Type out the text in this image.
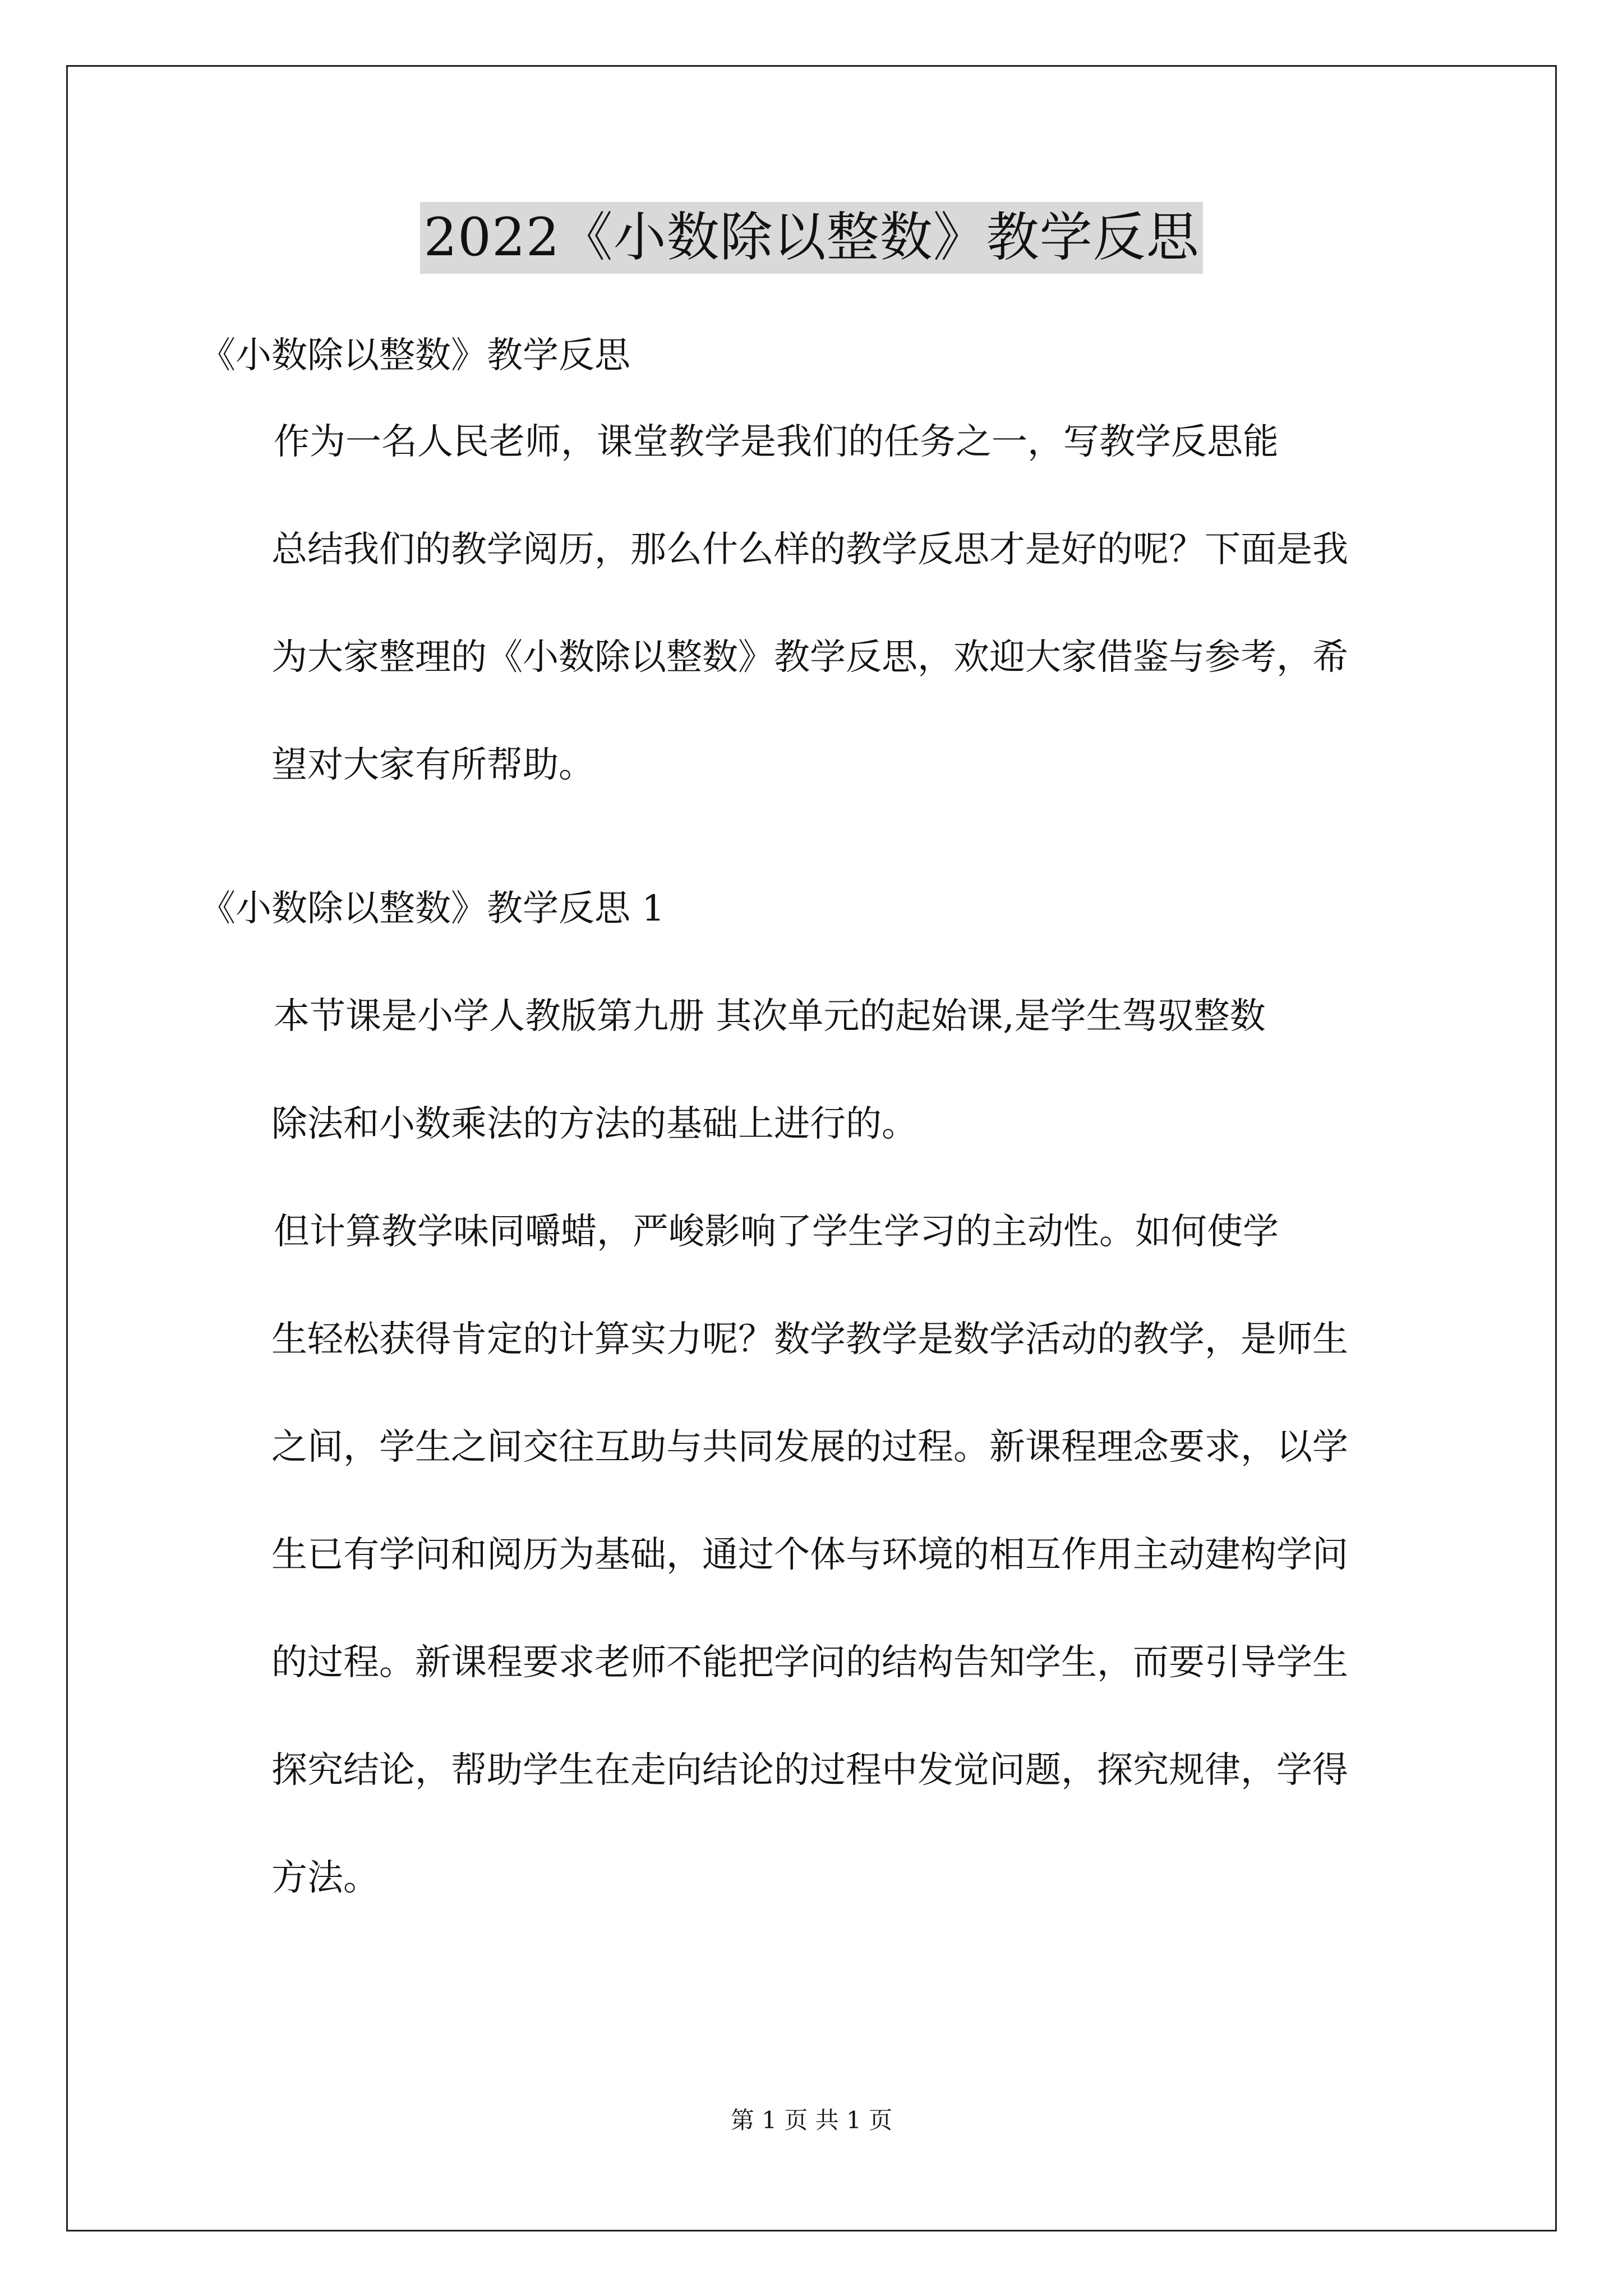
2022《小数除以整数》教学反思

《小数除以整数》教学反思

作为一名人民老师，课堂教学是我们的任务之一，写教学反思能
总结我们的教学阅历，那么什么样的教学反思才是好的呢？下面是我
为大家整理的《小数除以整数》教学反思，欢迎大家借鉴与参考，希
望对大家有所帮助。

《小数除以整数》教学反思 1

本节课是小学人教版第九册 其次单元的起始课,是学生驾驭整数
除法和小数乘法的方法的基础上进行的。
但计算教学味同嚼蜡，严峻影响了学生学习的主动性。如何使学
生轻松获得肯定的计算实力呢？数学教学是数学活动的教学，是师生
之间，学生之间交往互助与共同发展的过程。新课程理念要求，以学
生已有学问和阅历为基础，通过个体与环境的相互作用主动建构学问
的过程。新课程要求老师不能把学问的结构告知学生，而要引导学生
探究结论，帮助学生在走向结论的过程中发觉问题，探究规律，学得
方法。
第 1 页 共 1 页
